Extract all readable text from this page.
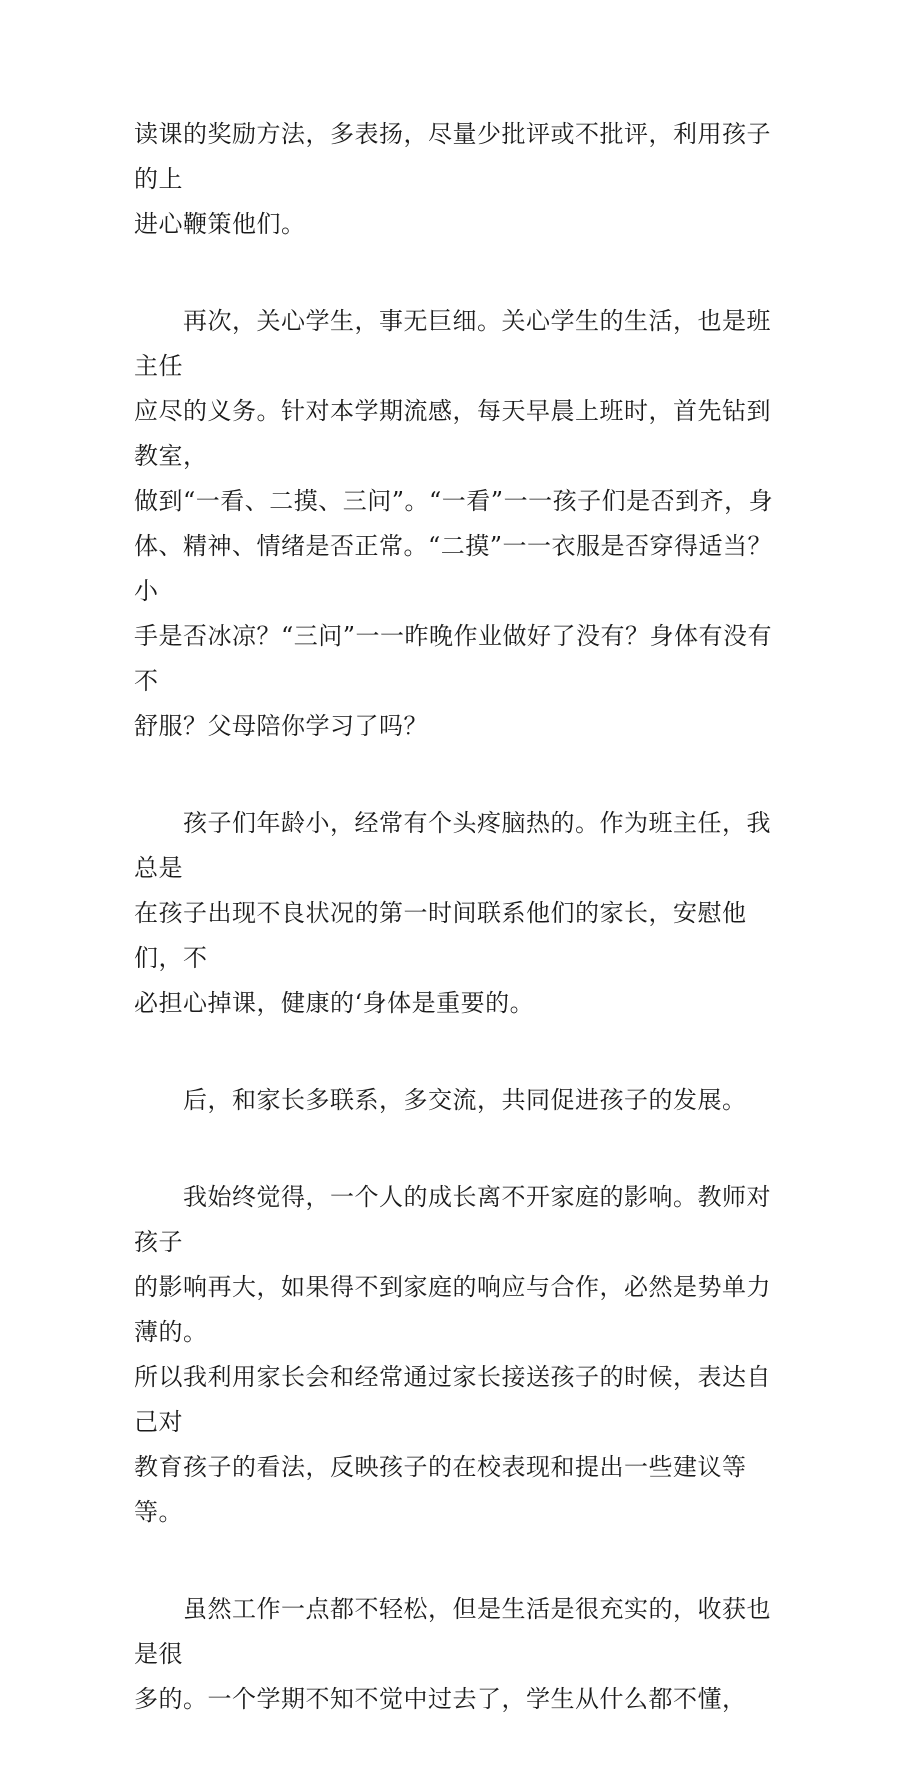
读课的奖励方法，多表扬，尽量少批评或不批评，利用孩子的上
进心鞭策他们。

　　再次，关心学生，事无巨细。关心学生的生活，也是班主任
应尽的义务。针对本学期流感，每天早晨上班时，首先钻到教室，
做到“一看、二摸、三问”。“一看”一一孩子们是否到齐，身
体、精神、情绪是否正常。“二摸”一一衣服是否穿得适当？小
手是否冰凉？“三问”一一昨晚作业做好了没有？身体有没有不
舒服？父母陪你学习了吗？

　　孩子们年龄小，经常有个头疼脑热的。作为班主任，我总是
在孩子出现不良状况的第一时间联系他们的家长，安慰他们，不
必担心掉课，健康的‘身体是重要的。

　　后，和家长多联系，多交流，共同促进孩子的发展。

　　我始终觉得，一个人的成长离不开家庭的影响。教师对孩子
的影响再大，如果得不到家庭的响应与合作，必然是势单力薄的。
所以我利用家长会和经常通过家长接送孩子的时候，表达自己对
教育孩子的看法，反映孩子的在校表现和提出一些建议等等。

　　虽然工作一点都不轻松，但是生活是很充实的，收获也是很
多的。一个学期不知不觉中过去了，学生从什么都不懂，
